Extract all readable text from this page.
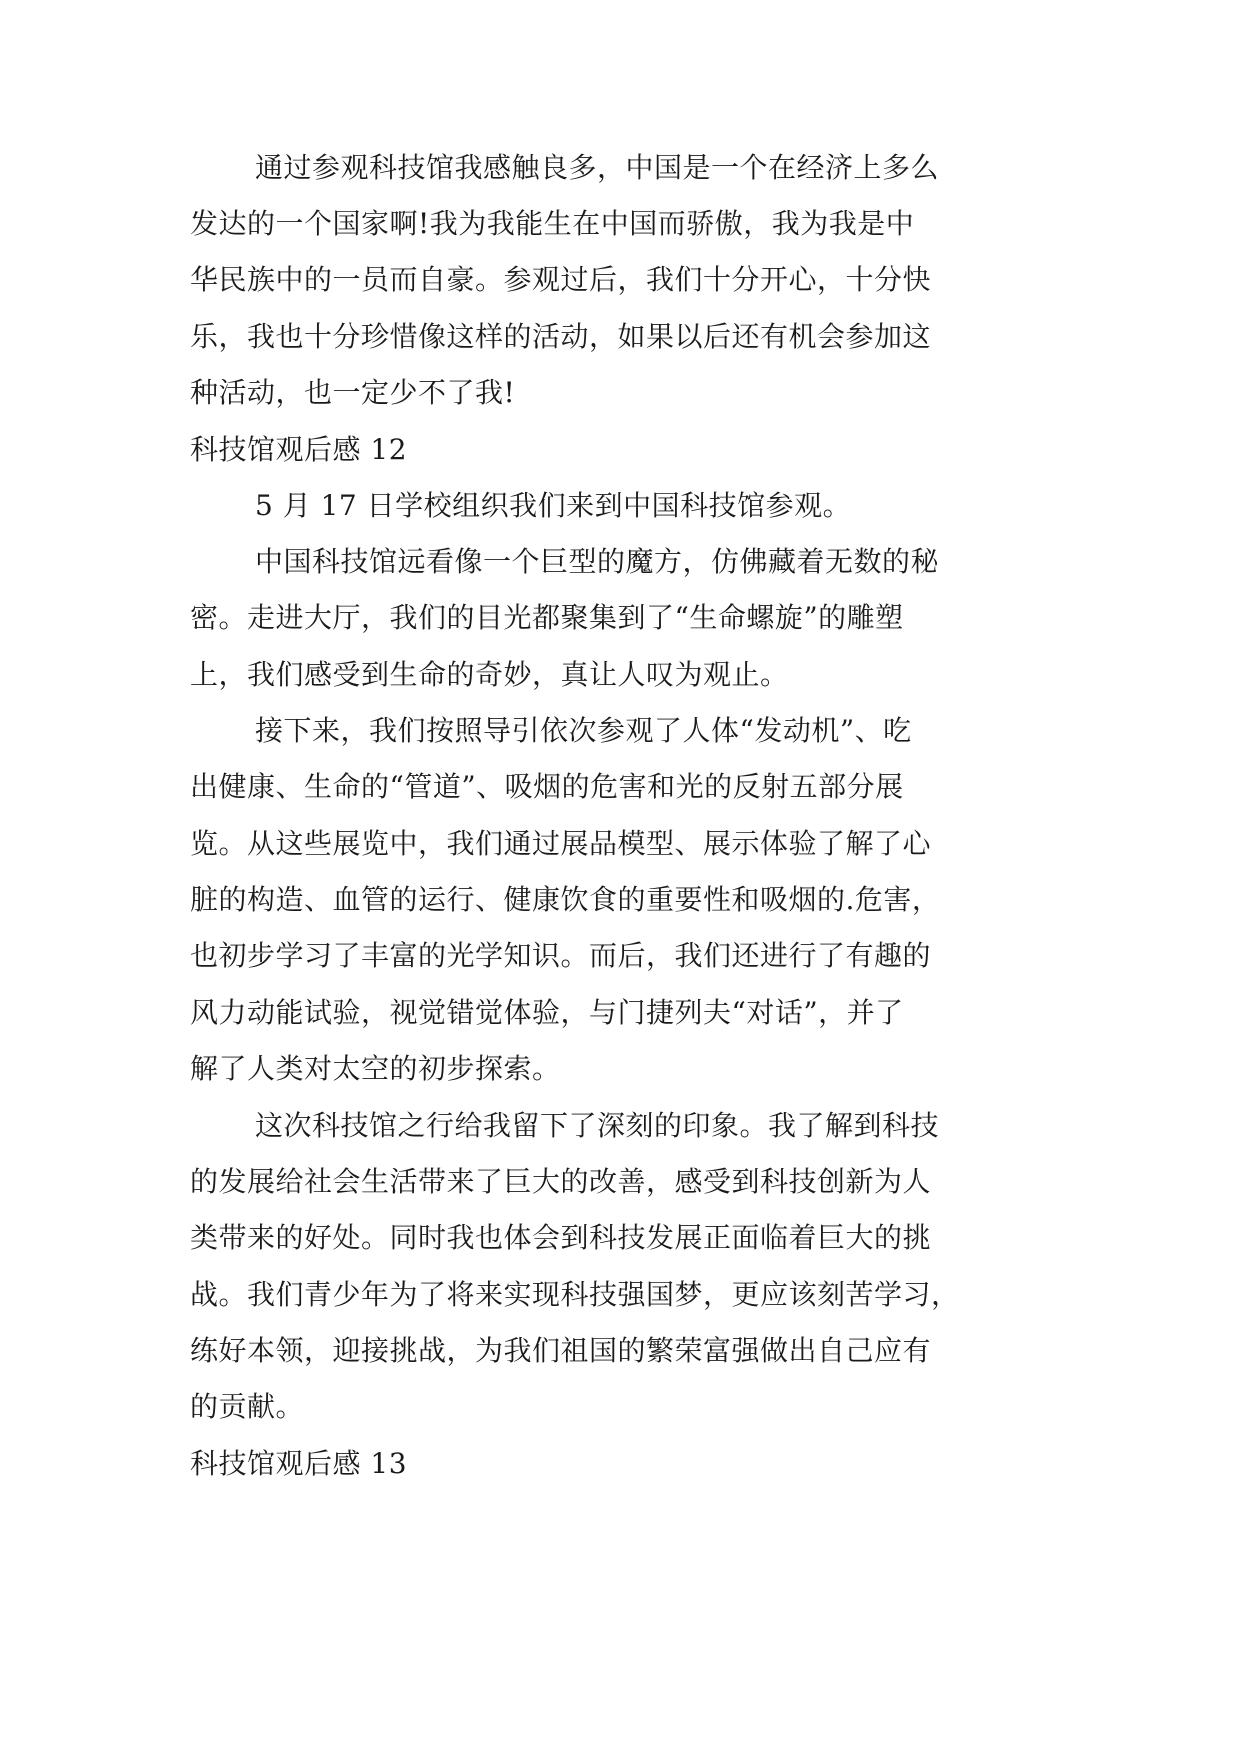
通过参观科技馆我感触良多，中国是一个在经济上多么
发达的一个国家啊!我为我能生在中国而骄傲，我为我是中
华民族中的一员而自豪。参观过后，我们十分开心，十分快
乐，我也十分珍惜像这样的活动，如果以后还有机会参加这
种活动，也一定少不了我!
科技馆观后感 12
5 月 17 日学校组织我们来到中国科技馆参观。
中国科技馆远看像一个巨型的魔方，仿佛藏着无数的秘
密。走进大厅，我们的目光都聚集到了“生命螺旋”的雕塑
上，我们感受到生命的奇妙，真让人叹为观止。
接下来，我们按照导引依次参观了人体“发动机”、吃
出健康、生命的“管道”、吸烟的危害和光的反射五部分展
览。从这些展览中，我们通过展品模型、展示体验了解了心
脏的构造、血管的运行、健康饮食的重要性和吸烟的.危害，
也初步学习了丰富的光学知识。而后，我们还进行了有趣的
风力动能试验，视觉错觉体验，与门捷列夫“对话”，并了
解了人类对太空的初步探索。
这次科技馆之行给我留下了深刻的印象。我了解到科技
的发展给社会生活带来了巨大的改善，感受到科技创新为人
类带来的好处。同时我也体会到科技发展正面临着巨大的挑
战。我们青少年为了将来实现科技强国梦，更应该刻苦学习，
练好本领，迎接挑战，为我们祖国的繁荣富强做出自己应有
的贡献。
科技馆观后感 13
